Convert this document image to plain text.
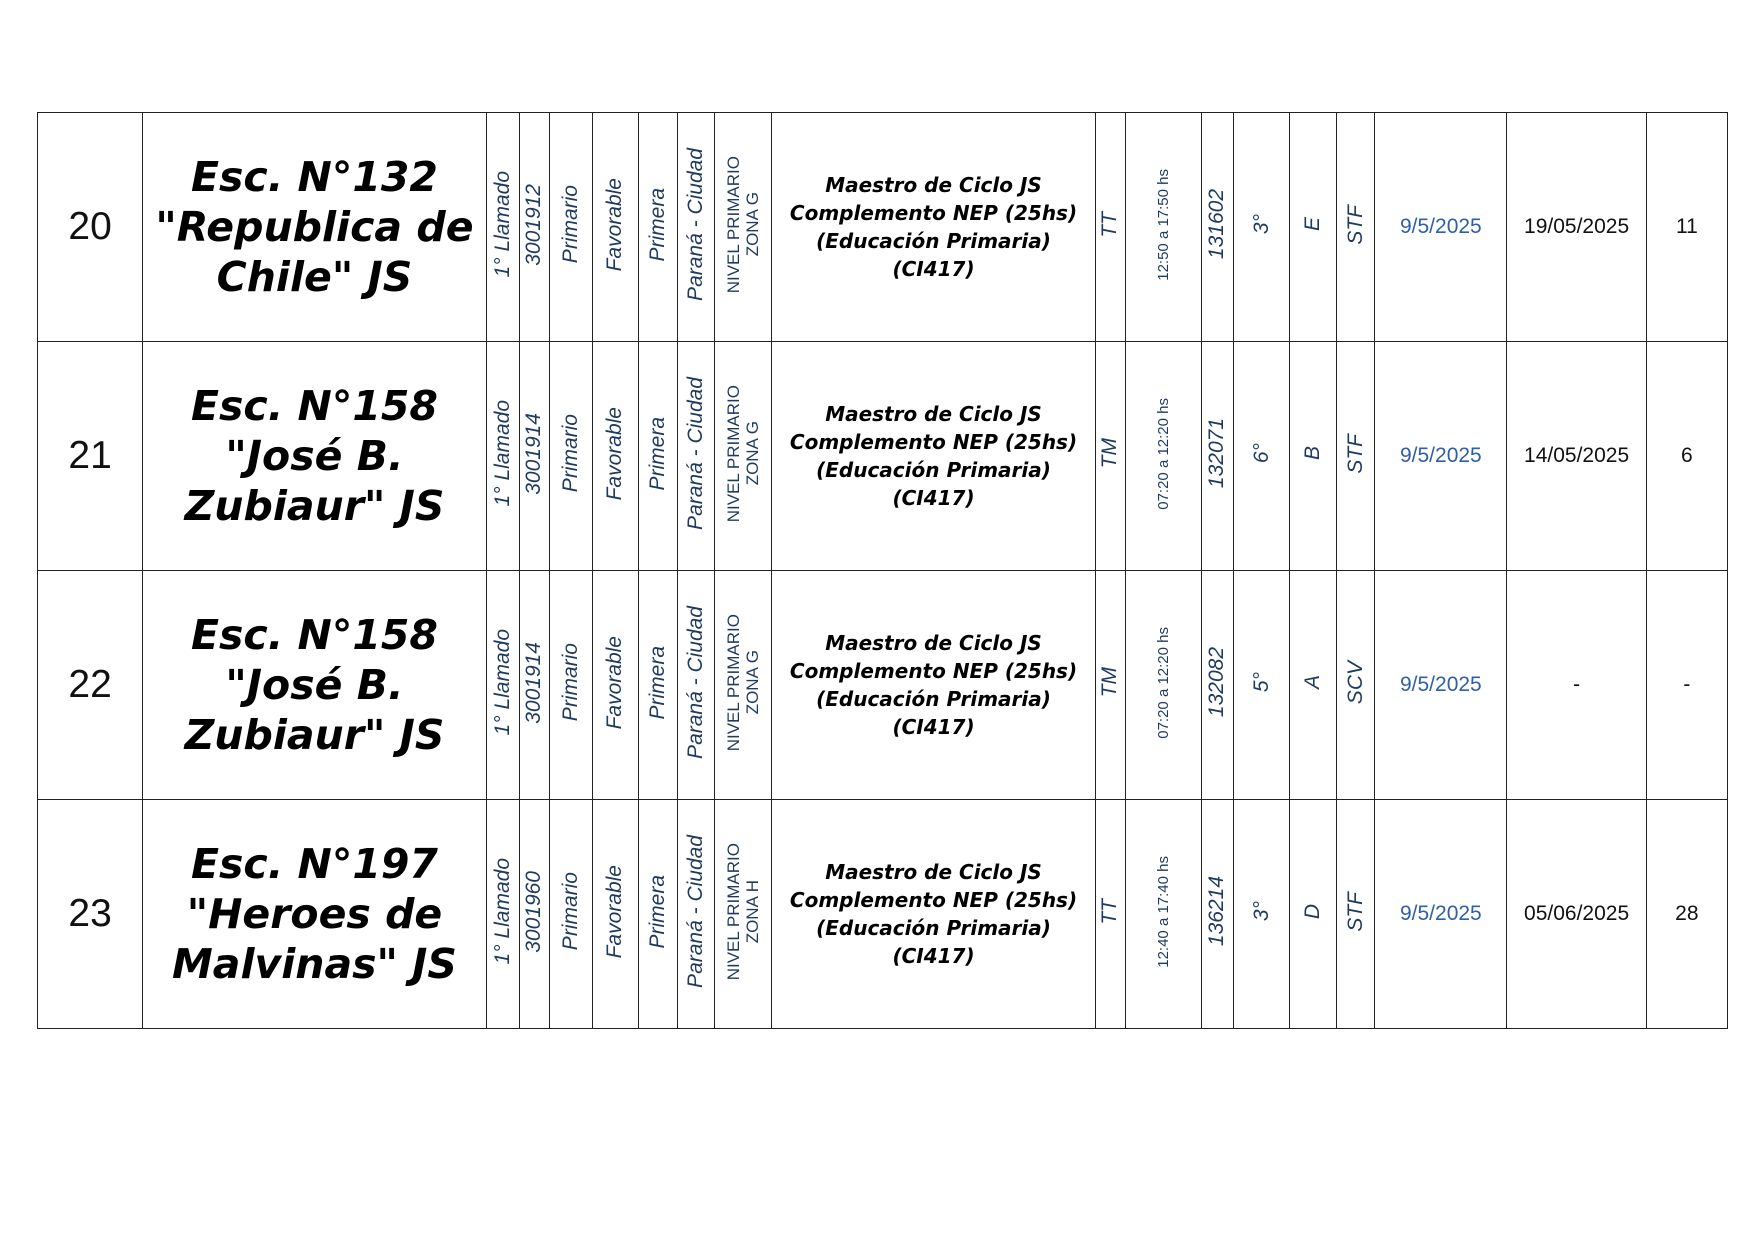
20	Esc. N°132
"Republica de
Chile" JS	1° Llamado	3001912	Primario	Favorable	Primera	Paraná - Ciudad	NIVEL PRIMARIO
ZONA G	Maestro de Ciclo JS
Complemento NEP (25hs)
(Educación Primaria)
(CI417)	TT	12:50 a 17:50 hs	131602	3°	E	STF	9/5/2025	19/05/2025	11
21	Esc. N°158
"José B.
Zubiaur" JS	1° Llamado	3001914	Primario	Favorable	Primera	Paraná - Ciudad	NIVEL PRIMARIO
ZONA G	Maestro de Ciclo JS
Complemento NEP (25hs)
(Educación Primaria)
(CI417)	TM	07:20 a 12:20 hs	132071	6°	B	STF	9/5/2025	14/05/2025	6
22	Esc. N°158
"José B.
Zubiaur" JS	1° Llamado	3001914	Primario	Favorable	Primera	Paraná - Ciudad	NIVEL PRIMARIO
ZONA G	Maestro de Ciclo JS
Complemento NEP (25hs)
(Educación Primaria)
(CI417)	TM	07:20 a 12:20 hs	132082	5°	A	SCV	9/5/2025	-	-
23	Esc. N°197
"Heroes de
Malvinas" JS	1° Llamado	3001960	Primario	Favorable	Primera	Paraná - Ciudad	NIVEL PRIMARIO
ZONA H	Maestro de Ciclo JS
Complemento NEP (25hs)
(Educación Primaria)
(CI417)	TT	12:40 a 17:40 hs	136214	3°	D	STF	9/5/2025	05/06/2025	28
